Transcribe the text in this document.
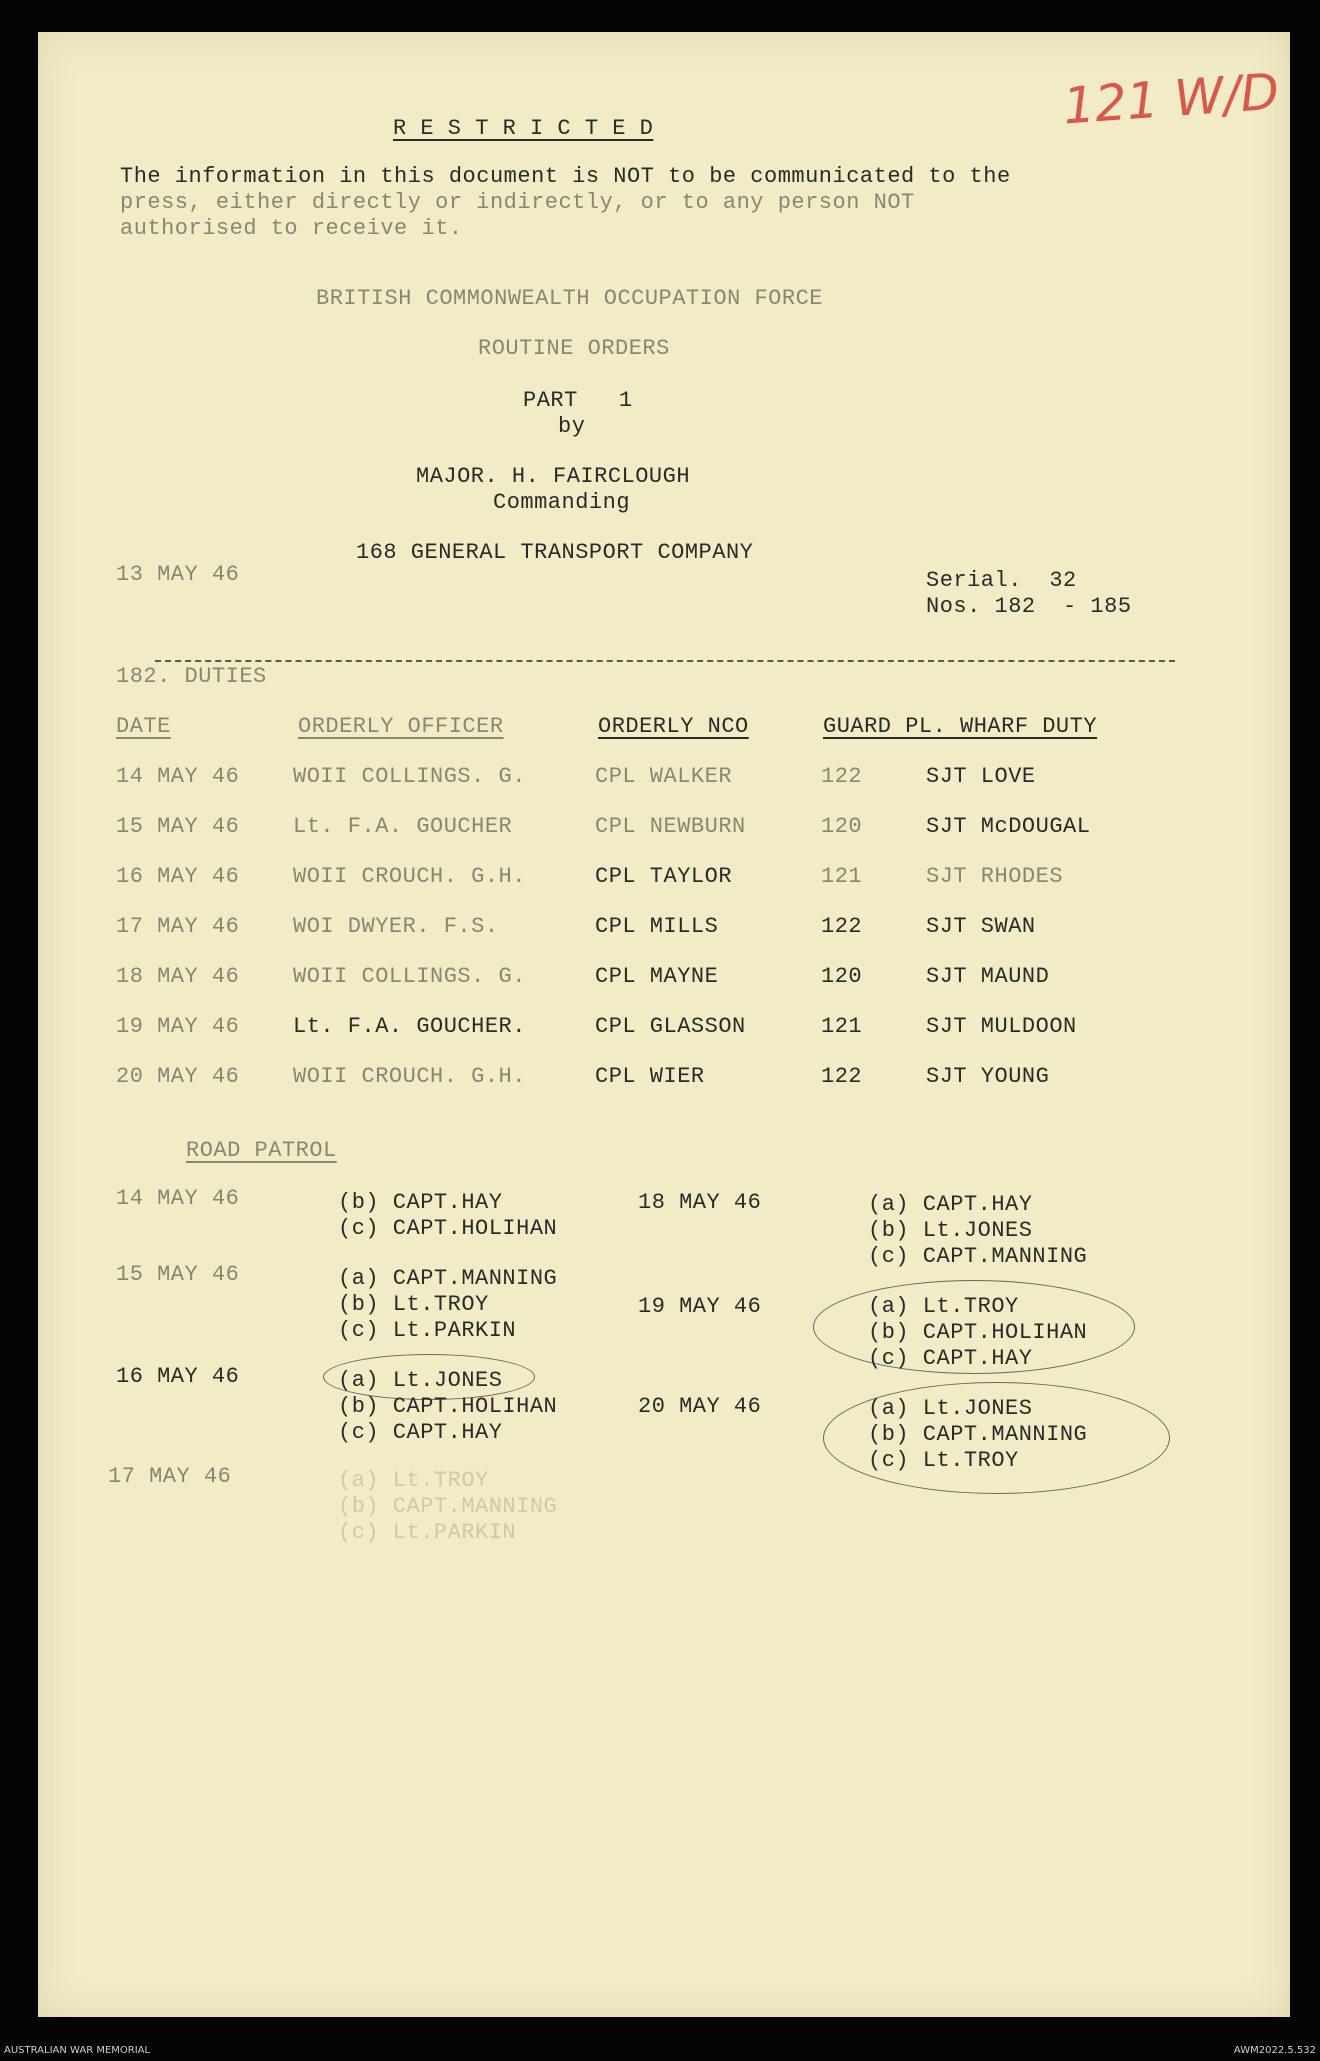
121 W/D
R E S T R I C T E D
The information in this document is NOT to be communicated to the
press, either directly or indirectly, or to any person NOT
authorised to receive it.
BRITISH COMMONWEALTH OCCUPATION FORCE
ROUTINE ORDERS
PART   1
by
MAJOR. H. FAIRCLOUGH
Commanding
168 GENERAL TRANSPORT COMPANY
13 MAY 46	Serial.  32
Nos. 182  - 185
182. DUTIES
DATE	ORDERLY OFFICER	ORDERLY NCO	GUARD PL. WHARF DUTY
14 MAY 46 WOII COLLINGS. G.	CPL WALKER	122	SJT LOVE
15 MAY 46 Lt. F.A. GOUCHER	CPL NEWBURN	120	SJT McDOUGAL
16 MAY 46 WOII CROUCH. G.H.	CPL TAYLOR	121	SJT RHODES
17 MAY 46 WOI DWYER. F.S.	CPL MILLS	122	SJT SWAN
18 MAY 46 WOII COLLINGS. G.	CPL MAYNE	120	SJT MAUND
19 MAY 46 Lt. F.A. GOUCHER.	CPL GLASSON	121	SJT MULDOON
20 MAY 46 WOII CROUCH. G.H.	CPL WIER	122	SJT YOUNG
ROAD PATROL
14 MAY 46	(b) CAPT.HAY
(c) CAPT.HOLIHAN
15 MAY 46	(a) CAPT.MANNING
(b) Lt.TROY
(c) Lt.PARKIN
16 MAY 46	(a) Lt.JONES
(b) CAPT.HOLIHAN
(c) CAPT.HAY
17 MAY 46	(a) Lt.TROY
(b) CAPT.MANNING
(c) Lt.PARKIN
18 MAY 46	(a) CAPT.HAY
(b) Lt.JONES
(c) CAPT.MANNING
19 MAY 46	(a) Lt.TROY
(b) CAPT.HOLIHAN
(c) CAPT.HAY
20 MAY 46	(a) Lt.JONES
(b) CAPT.MANNING
(c) Lt.TROY
AUSTRALIAN WAR MEMORIAL	AWM2022.5.532
